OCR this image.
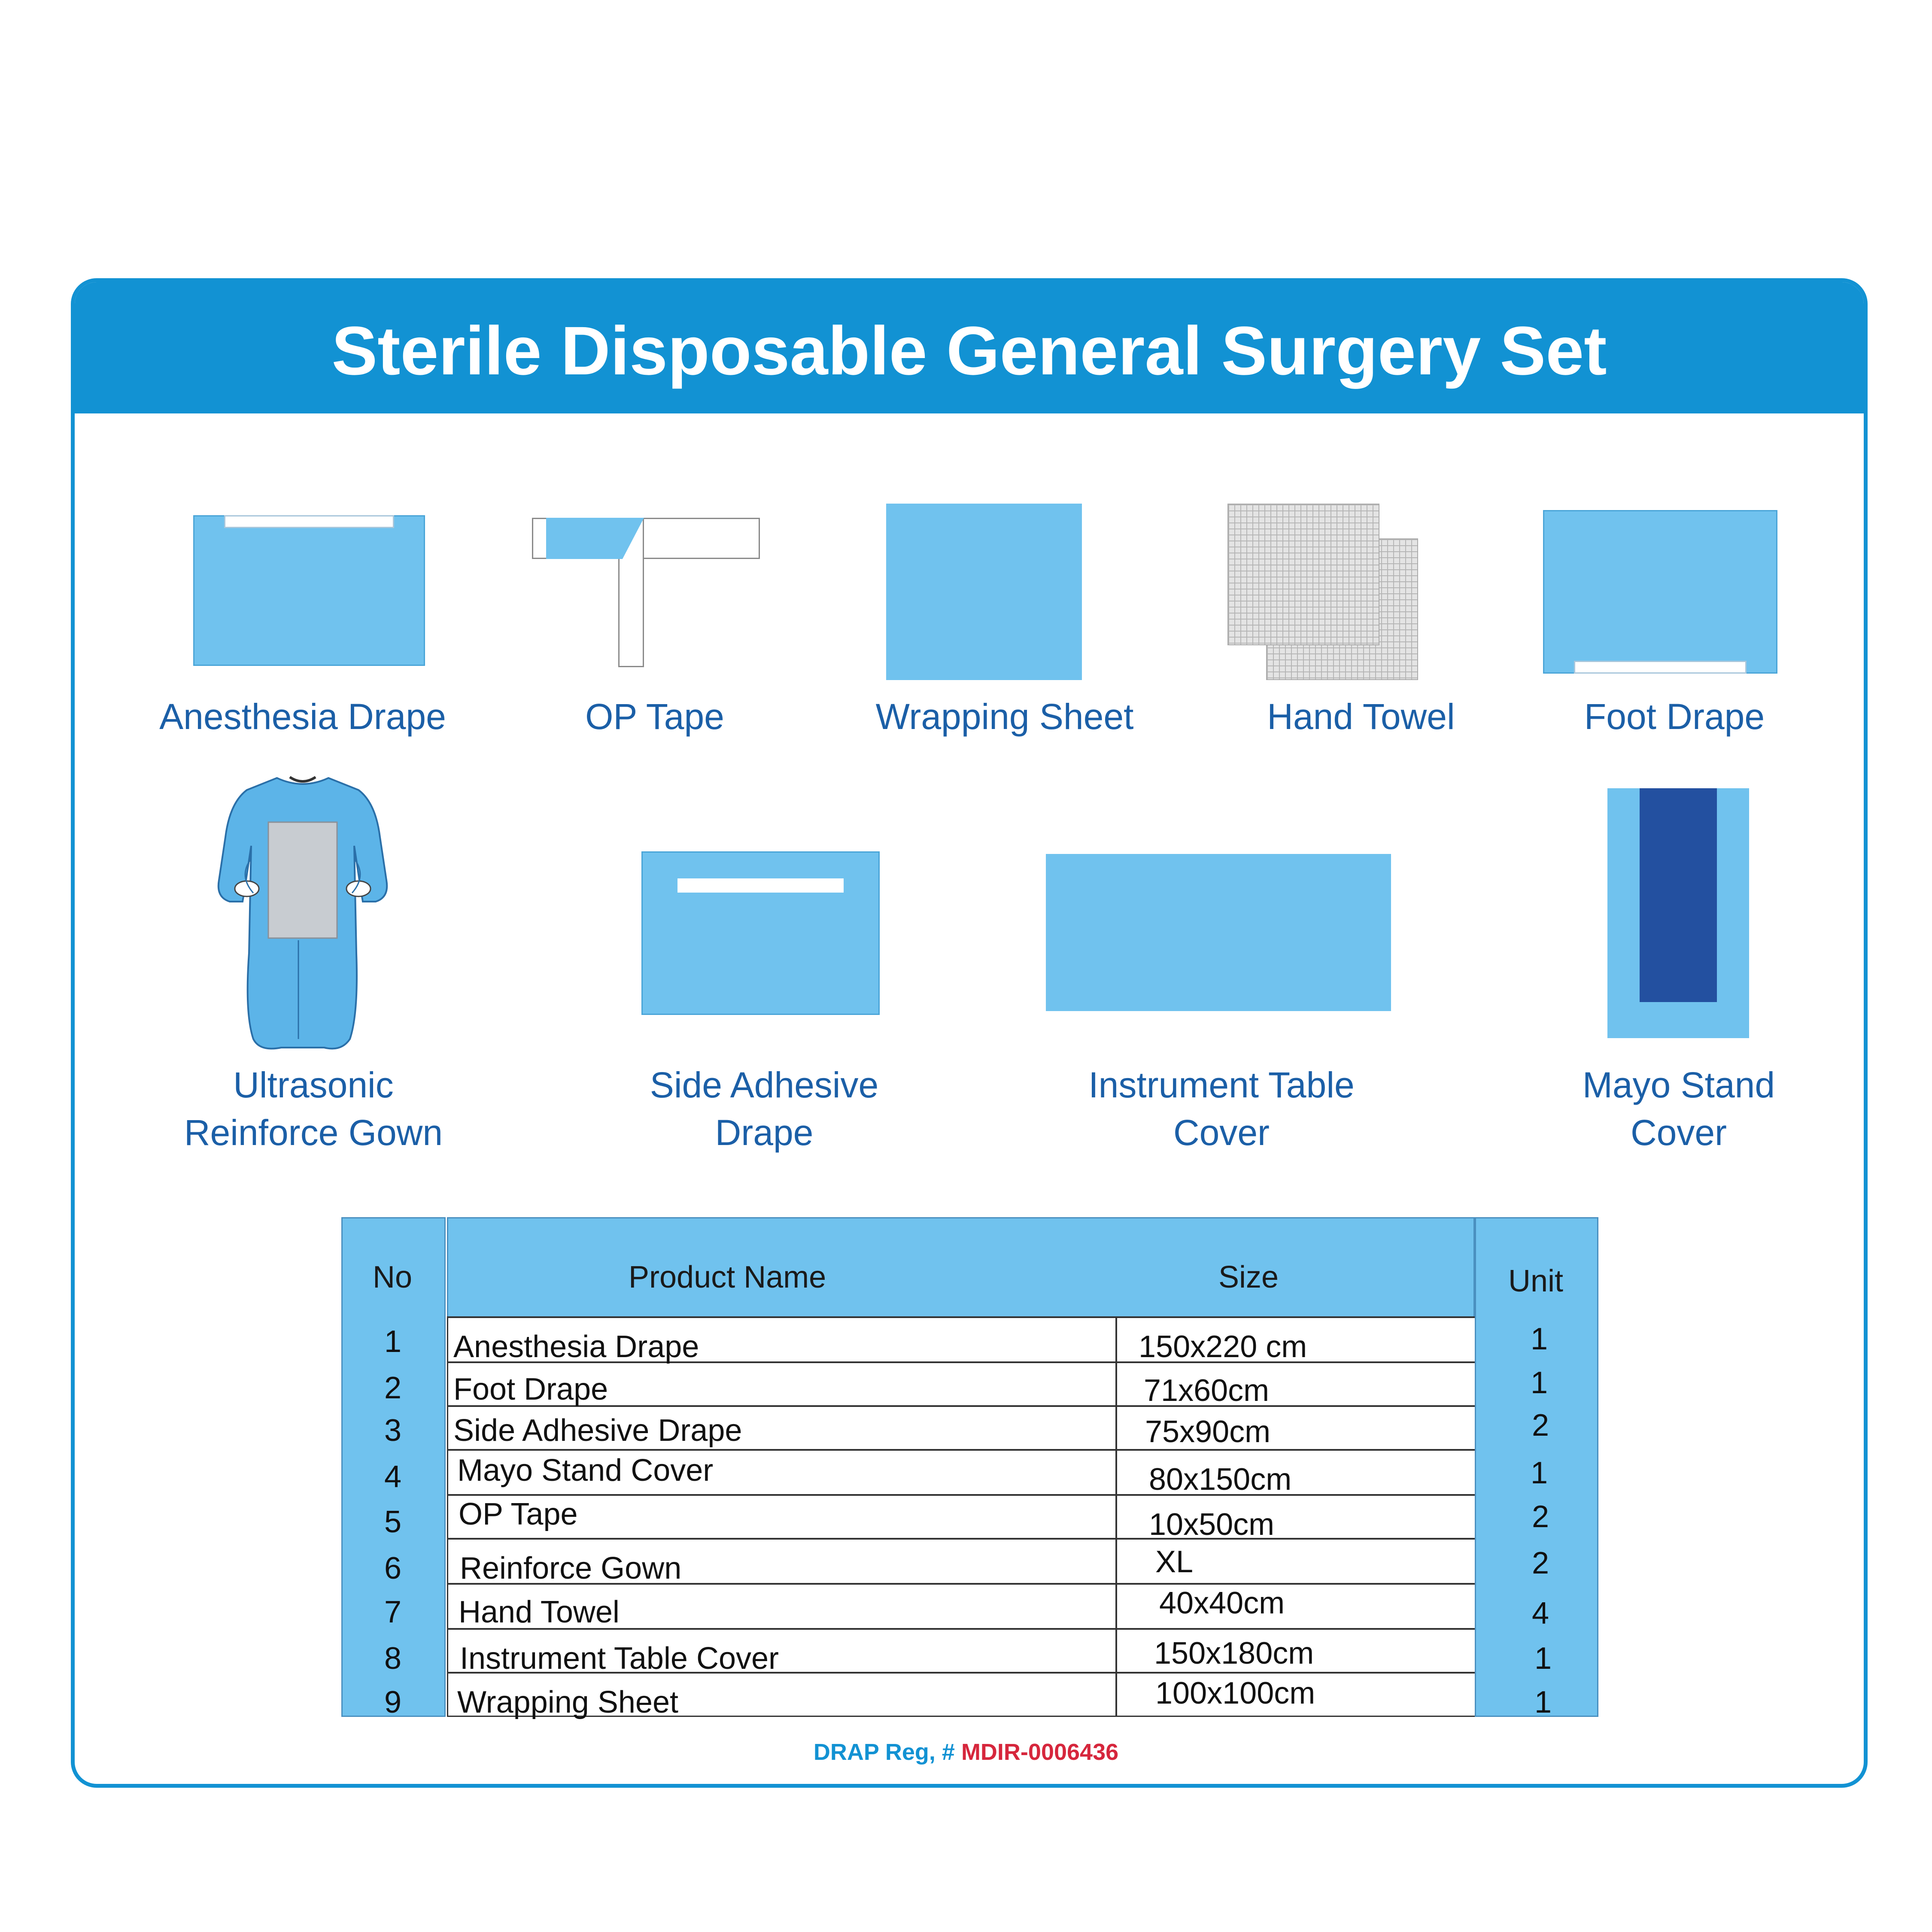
Sterile Disposable General Surgery Set
Anesthesia Drape	OP Tape	Wrapping Sheet	Hand Towel	Foot Drape
Ultrasonic
Reinforce Gown
Side Adhesive
Drape
Instrument Table
Cover
Mayo Stand
Cover
No	Product Name	Size	Unit
1	Anesthesia Drape	150x220 cm	1
2	Foot Drape	71x60cm	1
3	Side Adhesive Drape	75x90cm	2
4	Mayo Stand Cover	80x150cm	1
5	OP Tape	10x50cm	2
6	Reinforce Gown	XL	2
7	Hand Towel	40x40cm	4
8	Instrument Table Cover	150x180cm	1
9	Wrapping Sheet	100x100cm	1
DRAP Reg, # MDIR-0006436
